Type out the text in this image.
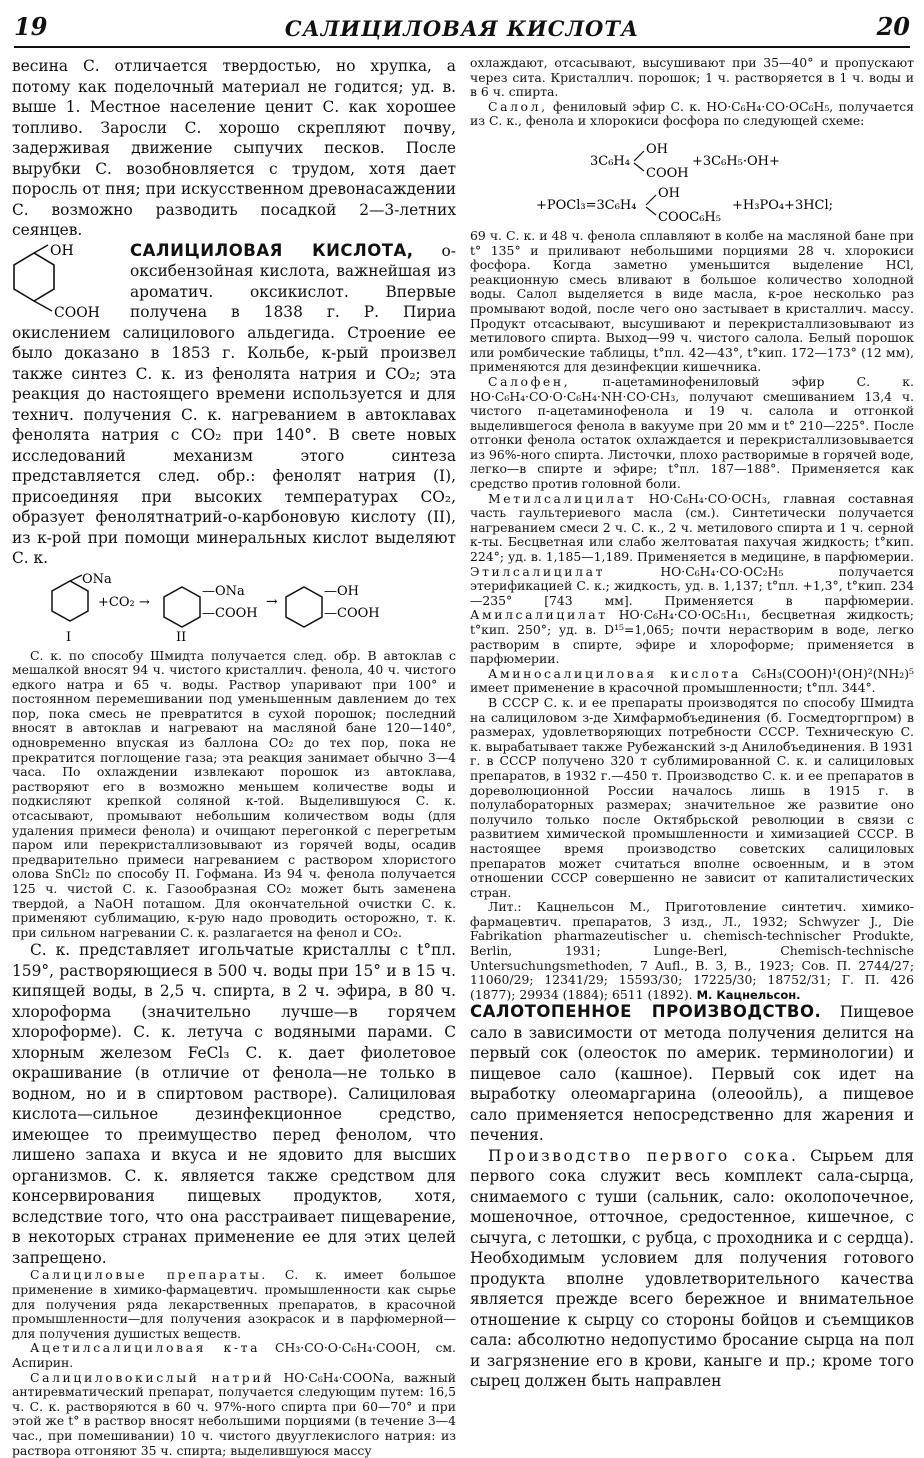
19	САЛИЦИЛОВАЯ КИСЛОТА	20

весина С. отличается твердостью, но хрупка, а потому как поделочный материал не годится; уд. в. выше 1. Местное население ценит С. как хорошее топливо. Заросли С. хорошо скрепляют почву, задерживая движение сыпучих песков. После вырубки С. возобновляется с трудом, хотя дает поросль от пня; при искусственном древонасаждении С. возможно разводить посадкой 2—3-летних сеянцев.

САЛИЦИЛОВАЯ КИСЛОТА,
OH
COOH
о-оксибензойная кислота, важнейшая из ароматич. оксикислот. Впервые получена в 1838 г. Р. Пириа окислением салицилового альдегида. Строение ее было доказано в 1853 г. Кольбе, к-рый произвел также синтез С. к. из фенолята натрия и CO₂; эта реакция до настоящего времени используется и для технич. получения С. к. нагреванием в автоклавах фенолята натрия с CO₂ при 140°. В свете новых исследований механизм этого синтеза представляется след. обр.: фенолят натрия (I), присоединяя при высоких температурах CO₂, образует фенолятнатрий-о-карбоновую кислоту (II), из к-рой при помощи минеральных кислот выделяют С. к.

ONa
+CO₂ →
—ONa
—COOH
→
—OH
—COOH
I	II

С. к. по способу Шмидта получается след. обр. В автоклав с мешалкой вносят 94 ч. чистого кристаллич. фенола, 40 ч. чистого едкого натра и 65 ч. воды. Раствор упаривают при 100° и постоянном перемешивании под уменьшенным давлением до тех пор, пока смесь не превратится в сухой порошок; последний вносят в автоклав и нагревают на масляной бане 120—140°, одновременно впуская из баллона CO₂ до тех пор, пока не прекратится поглощение газа; эта реакция занимает обычно 3—4 часа. По охлаждении извлекают порошок из автоклава, растворяют его в возможно меньшем количестве воды и подкисляют крепкой соляной к-той. Выделившуюся С. к. отсасывают, промывают небольшим количеством воды (для удаления примеси фенола) и очищают перегонкой с перегретым паром или перекристаллизовывают из горячей воды, осадив предварительно примеси нагреванием с раствором хлористого олова SnCl₂ по способу П. Гофмана. Из 94 ч. фенола получается 125 ч. чистой С. к. Газообразная CO₂ может быть заменена твердой, а NaOH поташом. Для окончательной очистки С. к. применяют сублимацию, к-рую надо проводить осторожно, т. к. при сильном нагревании С. к. разлагается на фенол и CO₂.

С. к. представляет игольчатые кристаллы с t°пл. 159°, растворяющиеся в 500 ч. воды при 15° и в 15 ч. кипящей воды, в 2,5 ч. спирта, в 2 ч. эфира, в 80 ч. хлороформа (значительно лучше—в горячем хлороформе). С. к. летуча с водяными парами. С хлорным железом FeCl₃ С. к. дает фиолетовое окрашивание (в отличие от фенола—не только в водном, но и в спиртовом растворе). Салициловая кислота—сильное дезинфекционное средство, имеющее то преимущество перед фенолом, что лишено запаха и вкуса и не ядовито для высших организмов. С. к. является также средством для консервирования пищевых продуктов, хотя, вследствие того, что она расстраивает пищеварение, в некоторых странах применение ее для этих целей запрещено.

Салициловые препараты. С. к. имеет большое применение в химико-фармацевтич. промышленности как сырье для получения ряда лекарственных препаратов, в красочной промышленности—для получения азокрасок и в парфюмерной—для получения душистых веществ.

Ацетилсалициловая к-та CH₃·CO·O·C₆H₄·COOH, см. Аспирин.

Салициловокислый натрий HO·C₆H₄·COONa, важный антиревматический препарат, получается следующим путем: 16,5 ч. С. к. растворяются в 60 ч. 97%-ного спирта при 60—70° и при этой же t° в раствор вносят небольшими порциями (в течение 3—4 час., при помешивании) 10 ч. чистого двууглекислого натрия: из раствора отгоняют 35 ч. спирта; выделившуюся массу

охлаждают, отсасывают, высушивают при 35—40° и пропускают через сита. Кристаллич. порошок; 1 ч. растворяется в 1 ч. воды и в 6 ч. спирта.

Салол, фениловый эфир С. к. HO·C₆H₄·CO·OC₆H₅, получается из С. к., фенола и хлорокиси фосфора по следующей схеме:

3C₆H₄
OH
COOH
+3C₆H₅·OH+
+POCl₃=3C₆H₄
OH
COOC₆H₅
+H₃PO₄+3HCl;

69 ч. С. к. и 48 ч. фенола сплавляют в колбе на масляной бане при t° 135° и приливают небольшими порциями 28 ч. хлорокиси фосфора. Когда заметно уменьшится выделение HCl, реакционную смесь вливают в большое количество холодной воды. Салол выделяется в виде масла, к-рое несколько раз промывают водой, после чего оно застывает в кристаллич. массу. Продукт отсасывают, высушивают и перекристаллизовывают из метилового спирта. Выход—99 ч. чистого салола. Белый порошок или ромбические таблицы, t°пл. 42—43°, t°кип. 172—173° (12 мм), применяются для дезинфекции кишечника.

Салофен,	п-ацетаминофениловый эфир С. к. HO·C₆H₄·CO·O·C₆H₄·NH·CO·CH₃, получают смешиванием 13,4 ч. чистого п-ацетаминофенола и 19 ч. салола и отгонкой выделившегося фенола в вакууме при 20 мм и t° 210—225°. После отгонки фенола остаток охлаждается и перекристаллизовывается из 96%-ного спирта. Листочки, плохо растворимые в горячей воде, легко—в спирте и эфире; t°пл. 187—188°. Применяется как средство против головной боли.

Метилсалицилат HO·C₆H₄·CO·OCH₃, главная составная часть гаультериевого масла (см.). Синтетически получается нагреванием смеси 2 ч. С. к., 2 ч. метилового спирта и 1 ч. серной к-ты. Бесцветная или слабо желтоватая пахучая жидкость; t°кип. 224°; уд. в. 1,185—1,189. Применяется в медицине, в парфюмерии. Этилсалицилат	HO·C₆H₄·CO·OC₂H₅ получается этерификацией С. к.; жидкость, уд. в. 1,137; t°пл. +1,3°, t°кип. 234—235° [743 мм]. Применяется в парфюмерии. Амилсалицилат HO·C₆H₄·CO·OC₅H₁₁, бесцветная жидкость; t°кип. 250°; уд. в. D¹⁵=1,065; почти нерастворим в воде, легко растворим в спирте, эфире и хлороформе; применяется в парфюмерии.

Аминосалициловая кислота C₆H₃(COOH)¹(OH)²(NH₂)⁵ имеет применение в красочной промышленности; t°пл. 344°.

В СССР С. к. и ее препараты производятся по способу Шмидта на салициловом з-де Химфармобъединения (б. Госмедторгпром) в размерах, удовлетворяющих потребности СССР. Техническую С. к. вырабатывает также Рубежанский з-д Анилобъединения. В 1931 г. в СССР получено 320 т сублимированной С. к. и салициловых препаратов, в 1932 г.—450 т. Производство С. к. и ее препаратов в дореволюционной России началось лишь в 1915 г. в полулабораторных размерах; значительное же развитие оно получило только после Октябрьской революции в связи с развитием химической промышленности и химизацией СССР. В настоящее время производство советских салициловых препаратов может считаться вполне освоенным, и в этом отношении СССР совершенно не зависит от капиталистических стран.

Лит.: Кацнельсон М., Приготовление синтетич. химико-фармацевтич. препаратов, 3 изд., Л., 1932; Schwyzer J., Die Fabrikation pharmazeutischer u. chemisch-technischer Produkte, Berlin, 1931; Lunge-Berl, Chemisch-technische Untersuchungsmethoden, 7 Aufl., B. 3, B., 1923; Сов. П. 2744/27; 11060/29; 12341/29; 15593/30; 17225/30; 18752/31; Г. П. 426 (1877); 29934 (1884); 6511 (1892). М. Кацнельсон.

САЛОТОПЕННОЕ ПРОИЗВОДСТВО. Пищевое сало в зависимости от метода получения делится на первый сок (олеосток по америк. терминологии) и пищевое сало (кашное). Первый сок идет на выработку олеомаргарина (олеоойль), а пищевое сало применяется непосредственно для жарения и печения.

Производство первого сока. Сырьем для первого сока служит весь комплект сала-сырца, снимаемого с туши (сальник, сало: околопочечное, мошеночное, отточное, средостенное, кишечное, с сычуга, с летошки, с рубца, с проходника и с сердца). Необходимым условием для получения готового продукта вполне удовлетворительного качества является прежде всего бережное и внимательное отношение к сырцу со стороны бойцов и съемщиков сала: абсолютно недопустимо бросание сырца на пол и загрязнение его в крови, каныге и пр.; кроме того сырец должен быть направлен
